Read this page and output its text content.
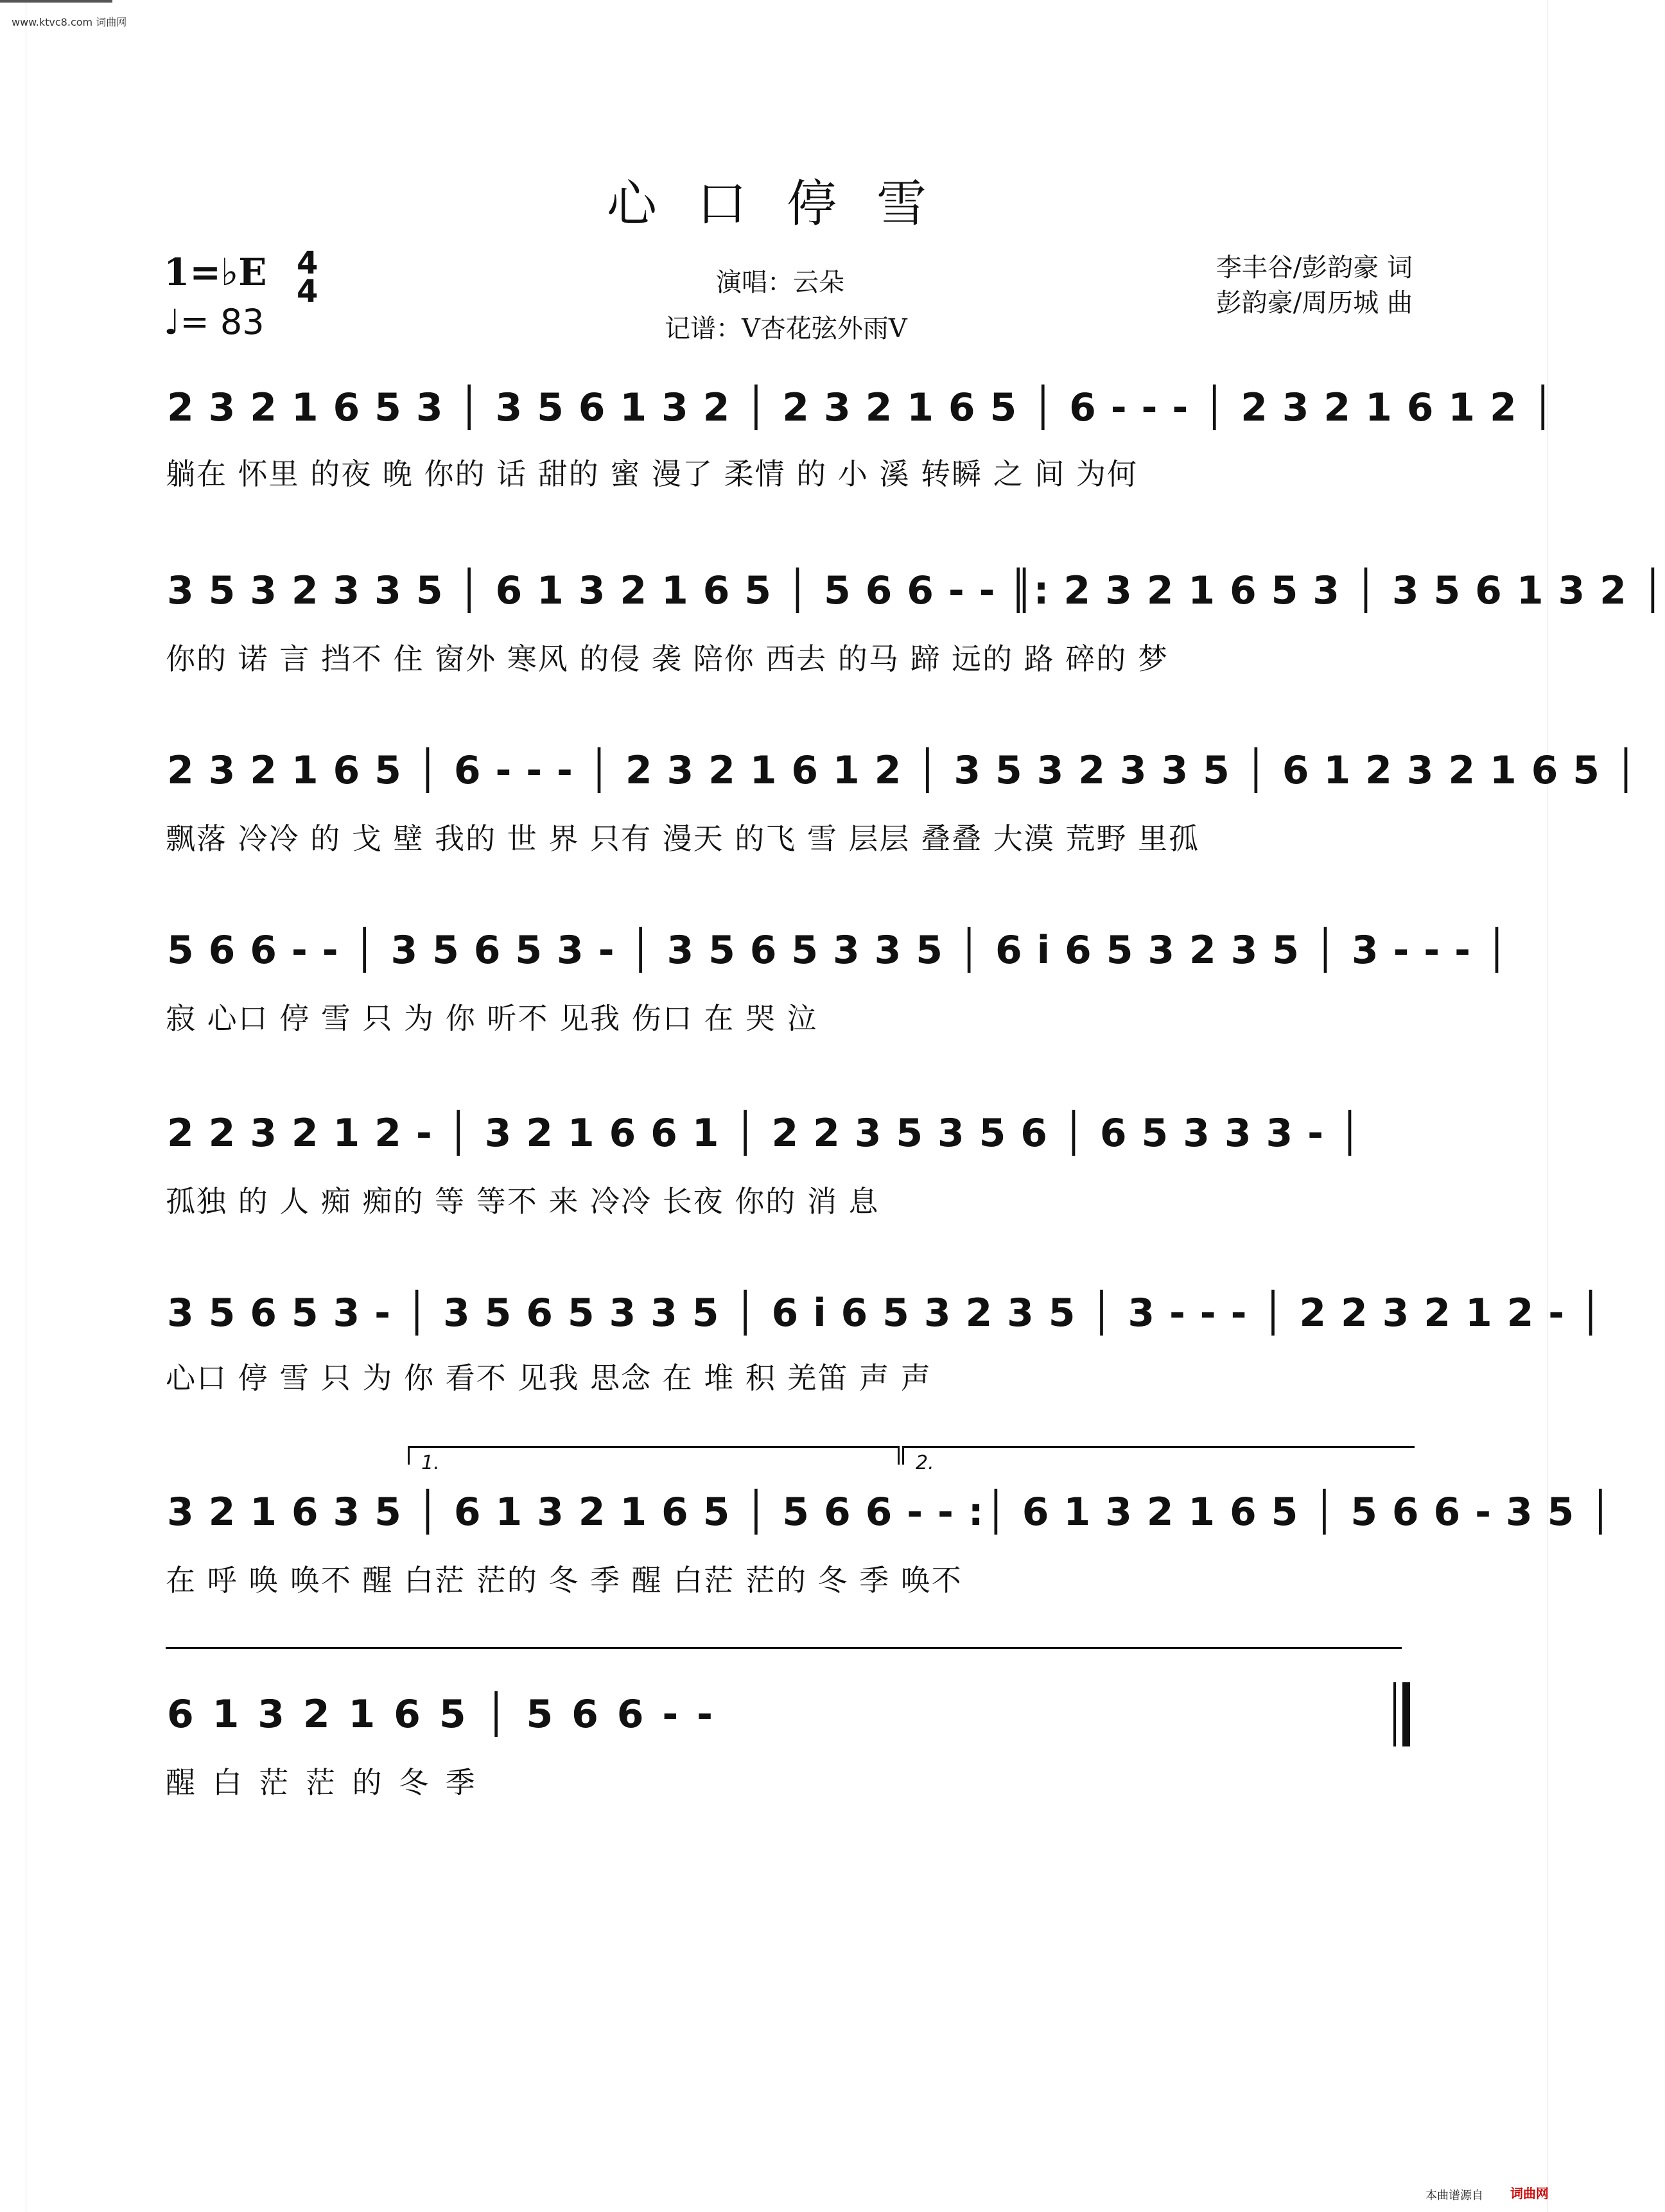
www.ktvc8.com 词曲网
心口停雪
1=♭E 4
4
♩= 83
演唱：云朵
记谱：V杏花弦外雨V
李丰谷/彭韵豪 词
彭韵豪/周历城 曲
2 3 2 1 6 5 3 │ 3 5 6 1 3 2 │ 2 3 2 1 6 5 │ 6 - - - │ 2 3 2 1 6 1 2 │
躺在 怀里 的夜 晚 你的 话 甜的 蜜 漫了 柔情 的 小 溪 转瞬 之 间 为何
3 5 3 2 3 3 5 │ 6 1 3 2 1 6 5 │ 5 6 6 - - ║: 2 3 2 1 6 5 3 │ 3 5 6 1 3 2 │
你的 诺 言 挡不 住 窗外 寒风 的侵 袭 陪你 西去 的马 蹄 远的 路 碎的 梦
2 3 2 1 6 5 │ 6 - - - │ 2 3 2 1 6 1 2 │ 3 5 3 2 3 3 5 │ 6 1 2 3 2 1 6 5 │
飘落 冷冷 的 戈 壁 我的 世 界 只有 漫天 的飞 雪 层层 叠叠 大漠 荒野 里孤
5 6 6 - - │ 3 5 6 5 3 - │ 3 5 6 5 3 3 5 │ 6 i 6 5 3 2 3 5 │ 3 - - - │
寂 心口 停 雪 只 为 你 听不 见我 伤口 在 哭 泣
2 2 3 2 1 2 - │ 3 2 1 6 6 1 │ 2 2 3 5 3 5 6 │ 6 5 3 3 3 - │
孤独 的 人 痴 痴的 等 等不 来 冷冷 长夜 你的 消 息
3 5 6 5 3 - │ 3 5 6 5 3 3 5 │ 6 i 6 5 3 2 3 5 │ 3 - - - │ 2 2 3 2 1 2 - │
心口 停 雪 只 为 你 看不 见我 思念 在 堆 积 羌笛 声 声
1.	2.
3 2 1 6 3 5 │ 6 1 3 2 1 6 5 │ 5 6 6 - - :│ 6 1 3 2 1 6 5 │ 5 6 6 - 3 5 │
在 呼 唤 唤不 醒 白茫 茫的 冬 季 醒 白茫 茫的 冬 季 唤不
6 1 3 2 1 6 5 │ 5 6 6 - -
醒 白 茫 茫 的 冬 季
本曲谱源自 词曲网
